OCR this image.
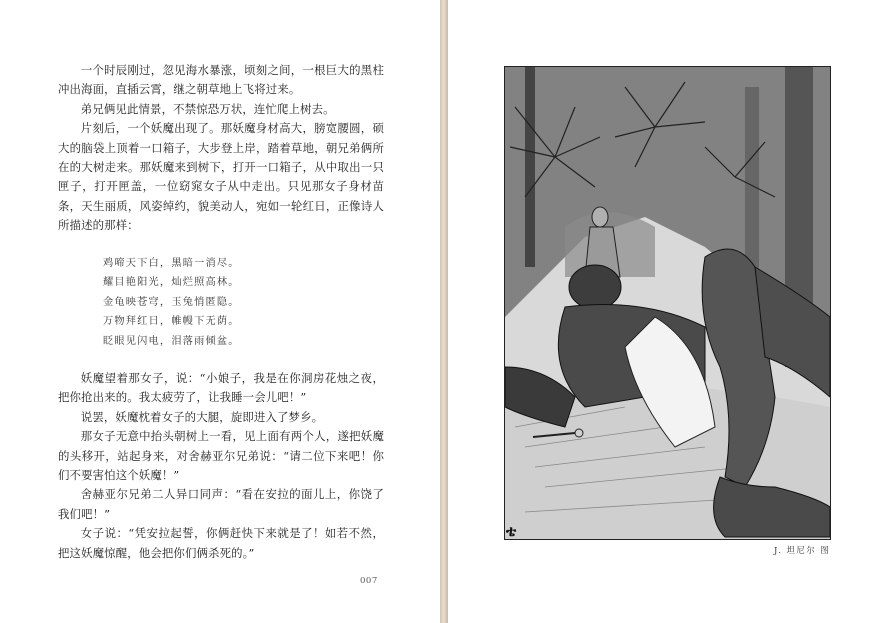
一个时辰刚过，忽见海水暴涨，顷刻之间，一根巨大的黑柱冲出海面，直插云霄，继之朝草地上飞将过来。

弟兄俩见此情景，不禁惊恐万状，连忙爬上树去。

片刻后，一个妖魔出现了。那妖魔身材高大，膀宽腰圆，硕大的脑袋上顶着一口箱子，大步登上岸，踏着草地，朝兄弟俩所在的大树走来。那妖魔来到树下，打开一口箱子，从中取出一只匣子，打开匣盖，一位窈窕女子从中走出。只见那女子身材苗条，天生丽质，风姿绰约，貌美动人，宛如一轮红日，正像诗人所描述的那样：

鸡啼天下白，黑暗一消尽。
耀目艳阳光，灿烂照高林。
金龟映苍穹，玉兔悄匿隐。
万物拜红日，帷幔下无荫。
眨眼见闪电，泪落雨倾盆。

妖魔望着那女子，说：“小娘子，我是在你洞房花烛之夜，把你抢出来的。我太疲劳了，让我睡一会儿吧！”

说罢，妖魔枕着女子的大腿，旋即进入了梦乡。

那女子无意中抬头朝树上一看，见上面有两个人，遂把妖魔的头移开，站起身来，对舍赫亚尔兄弟说：“请二位下来吧！你们不要害怕这个妖魔！”

舍赫亚尔兄弟二人异口同声：“看在安拉的面儿上，你饶了我们吧！”

女子说：“凭安拉起誓，你俩赶快下来就是了！如若不然，把这妖魔惊醒，他会把你们俩杀死的。”

007
ቴ
J. 坦尼尔 图
